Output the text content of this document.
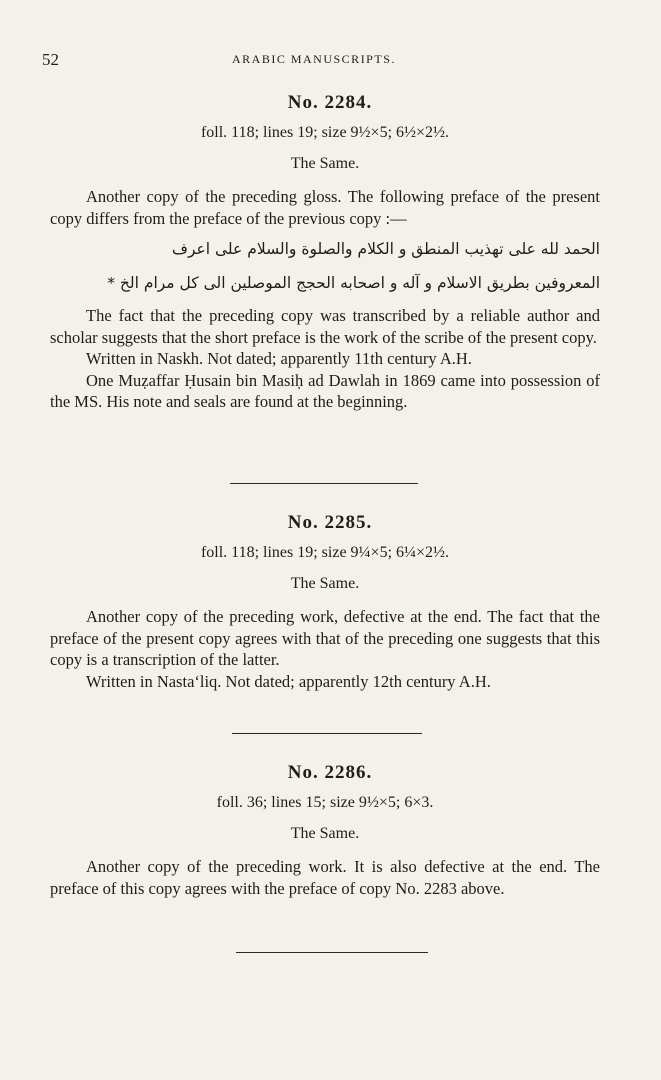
52	ARABIC MANUSCRIPTS.
No. 2284.
foll. 118; lines 19; size 9½×5; 6½×2½.
The Same.

Another copy of the preceding gloss. The following preface of the present copy differs from the preface of the previous copy :—

الحمد لله على تهذيب المنطق و الكلام والصلوة والسلام على اعرف
المعروفين بطريق الاسلام و آله و اصحابه الحجج الموصلين الى كل مرام الخ *

The fact that the preceding copy was transcribed by a reliable author and scholar suggests that the short preface is the work of the scribe of the present copy.

Written in Naskh. Not dated; apparently 11th century A.H.

One Muẓaffar Ḥusain bin Masiḥ ad Dawlah in 1869 came into possession of the MS. His note and seals are found at the beginning.

No. 2285.
foll. 118; lines 19; size 9¼×5; 6¼×2½.
The Same.

Another copy of the preceding work, defective at the end. The fact that the preface of the present copy agrees with that of the preceding one suggests that this copy is a transcription of the latter.

Written in Nasta‘liq. Not dated; apparently 12th century A.H.

No. 2286.
foll. 36; lines 15; size 9½×5; 6×3.
The Same.

Another copy of the preceding work. It is also defective at the end. The preface of this copy agrees with the preface of copy No. 2283 above.
